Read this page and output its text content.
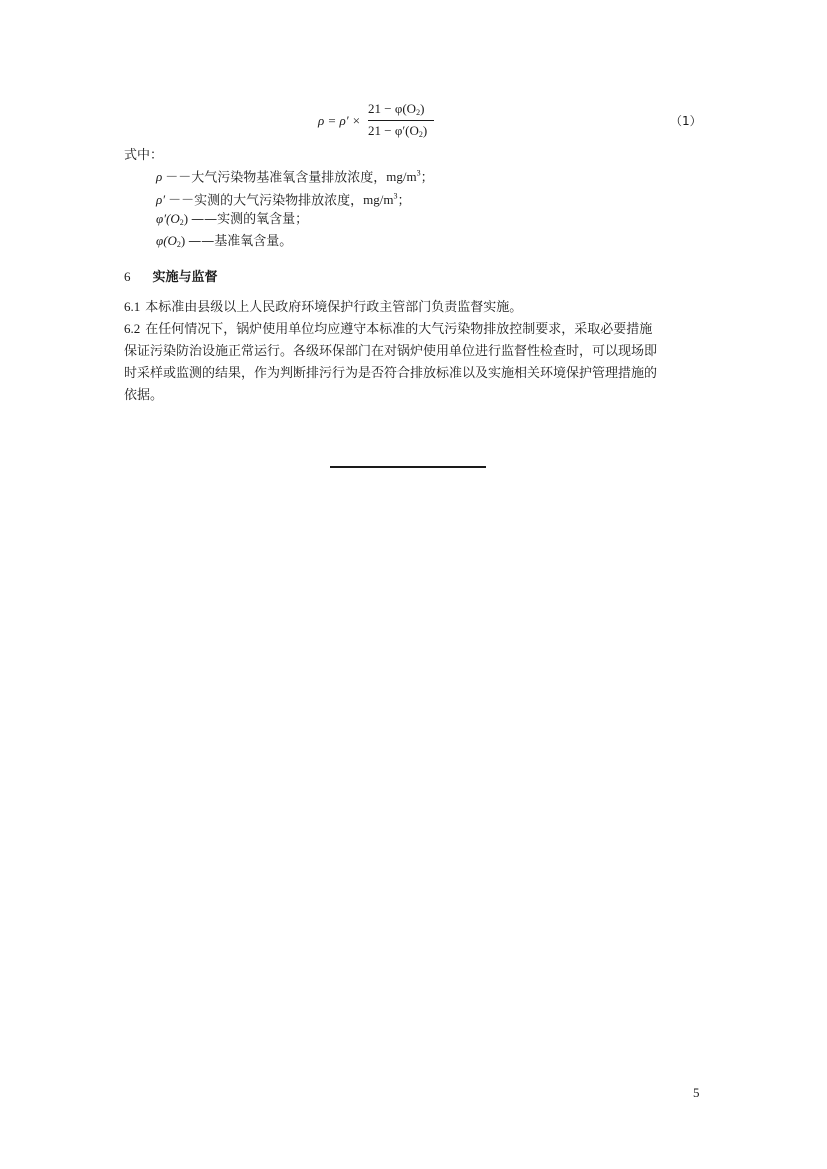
ρ = ρ′ ×
$21 - \varphi(O_2)$
$21 - \varphi'(O_2)$
（1）
式中：
ρ －－大气污染物基准氧含量排放浓度，$mg/m^3$；
ρ′ －－实测的大气污染物排放浓度，$mg/m^3$；
$\varphi'(O_2)$ ——实测的氧含量；
$\varphi(O_2)$ ——基准氧含量。
6 实施与监督
6.1 本标准由县级以上人民政府环境保护行政主管部门负责监督实施。
6.2 在任何情况下，锅炉使用单位均应遵守本标准的大气污染物排放控制要求，采取必要措施保证污染防治设施正常运行。各级环保部门在对锅炉使用单位进行监督性检查时，可以现场即时采样或监测的结果，作为判断排污行为是否符合排放标准以及实施相关环境保护管理措施的依据。
5
